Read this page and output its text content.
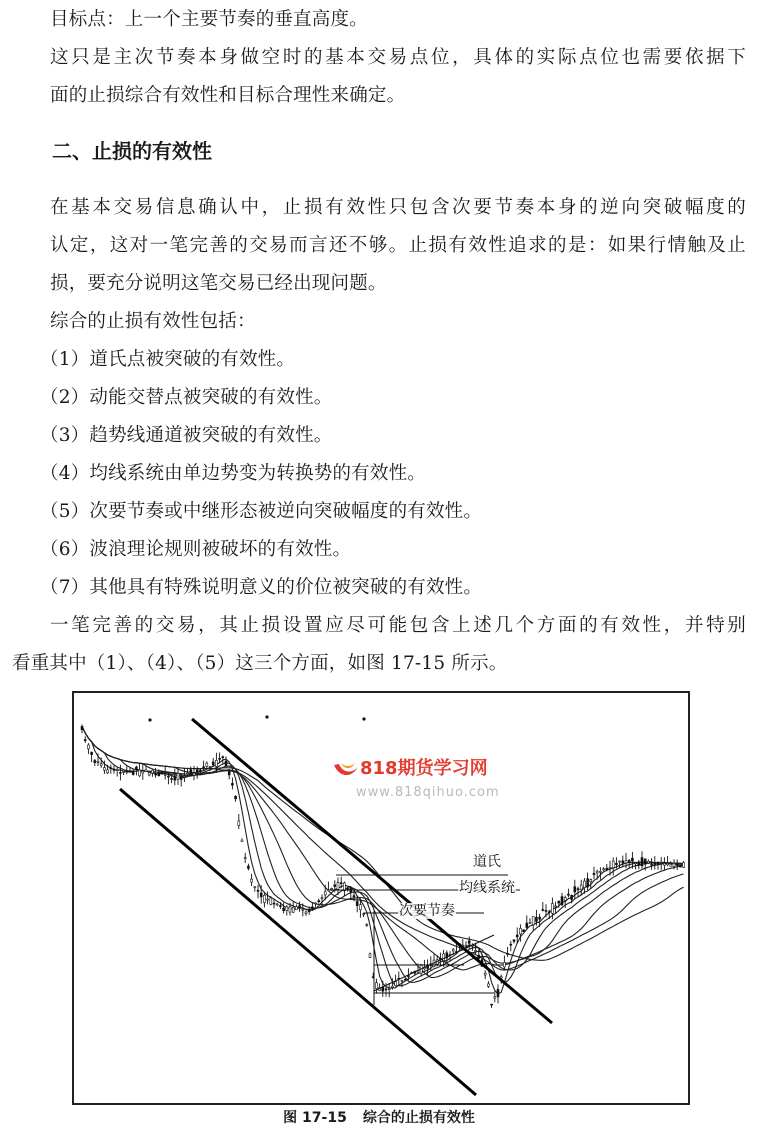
目标点：上一个主要节奏的垂直高度。
这只是主次节奏本身做空时的基本交易点位，具体的实际点位也需要依据下
面的止损综合有效性和目标合理性来确定。
二、止损的有效性
在基本交易信息确认中，止损有效性只包含次要节奏本身的逆向突破幅度的
认定，这对一笔完善的交易而言还不够。止损有效性追求的是：如果行情触及止
损，要充分说明这笔交易已经出现问题。
综合的止损有效性包括：
（1）道氏点被突破的有效性。
（2）动能交替点被突破的有效性。
（3）趋势线通道被突破的有效性。
（4）均线系统由单边势变为转换势的有效性。
（5）次要节奏或中继形态被逆向突破幅度的有效性。
（6）波浪理论规则被破坏的有效性。
（7）其他具有特殊说明意义的价位被突破的有效性。
一笔完善的交易，其止损设置应尽可能包含上述几个方面的有效性，并特别
看重其中（1）、（4）、（5）这三个方面，如图 17-15 所示。
818期货学习网
www.818qihuo.com
道氏
均线系统
次要节奏
图 17-15 综合的止损有效性
